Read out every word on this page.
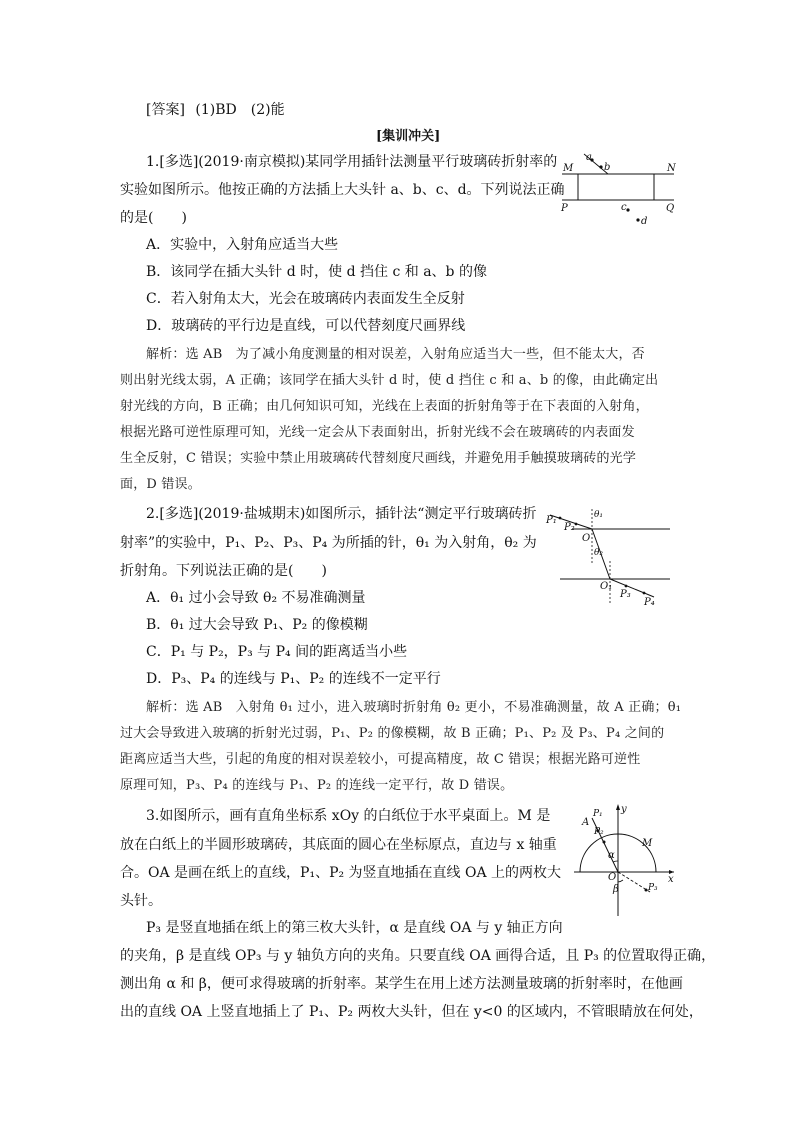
[答案] (1)BD　(2)能
[集训冲关]
1.[多选](2019·南京模拟)某同学用插针法测量平行玻璃砖折射率的
实验如图所示。他按正确的方法插上大头针 a、b、c、d。下列说法正确
的是(　　)
A．实验中，入射角应适当大些
B．该同学在插大头针 d 时，使 d 挡住 c 和 a、b 的像
C．若入射角太大，光会在玻璃砖内表面发生全反射
D．玻璃砖的平行边是直线，可以代替刻度尺画界线
解析：选 AB　为了减小角度测量的相对误差，入射角应适当大一些，但不能太大，否
则出射光线太弱，A 正确；该同学在插大头针 d 时，使 d 挡住 c 和 a、b 的像，由此确定出
射光线的方向，B 正确；由几何知识可知，光线在上表面的折射角等于在下表面的入射角，
根据光路可逆性原理可知，光线一定会从下表面射出，折射光线不会在玻璃砖的内表面发
生全反射，C 错误；实验中禁止用玻璃砖代替刻度尺画线，并避免用手触摸玻璃砖的光学
面，D 错误。
a
b
M	N
P	Q
c
d
2.[多选](2019·盐城期末)如图所示，插针法“测定平行玻璃砖折
射率”的实验中，P₁、P₂、P₃、P₄ 为所插的针，θ₁ 为入射角，θ₂ 为
折射角。下列说法正确的是(　　)
A．θ₁ 过小会导致 θ₂ 不易准确测量
B．θ₁ 过大会导致 P₁、P₂ 的像模糊
C．P₁ 与 P₂，P₃ 与 P₄ 间的距离适当小些
D．P₃、P₄ 的连线与 P₁、P₂ 的连线不一定平行
解析：选 AB　入射角 θ₁ 过小，进入玻璃时折射角 θ₂ 更小，不易准确测量，故 A 正确；θ₁
过大会导致进入玻璃的折射光过弱，P₁、P₂ 的像模糊，故 B 正确；P₁、P₂ 及 P₃、P₄ 之间的
距离应适当大些，引起的角度的相对误差较小，可提高精度，故 C 错误；根据光路可逆性
原理可知，P₃、P₄ 的连线与 P₁、P₂ 的连线一定平行，故 D 错误。
P₁
P₂
θ₁
O
θ₂
O₁
P₃
P₄
3.如图所示，画有直角坐标系 xOy 的白纸位于水平桌面上。M 是
放在白纸上的半圆形玻璃砖，其底面的圆心在坐标原点，直边与 x 轴重
合。OA 是画在纸上的直线，P₁、P₂ 为竖直地插在直线 OA 上的两枚大
头针。
P₃ 是竖直地插在纸上的第三枚大头针，α 是直线 OA 与 y 轴正方向
的夹角，β 是直线 OP₃ 与 y 轴负方向的夹角。只要直线 OA 画得合适，且 P₃ 的位置取得正确，
测出角 α 和 β，便可求得玻璃的折射率。某学生在用上述方法测量玻璃的折射率时，在他画
出的直线 OA 上竖直地插上了 P₁、P₂ 两枚大头针，但在 y<0 的区域内，不管眼睛放在何处，
y
P₁
A
P₂
M
α
O	x
β	P₃
